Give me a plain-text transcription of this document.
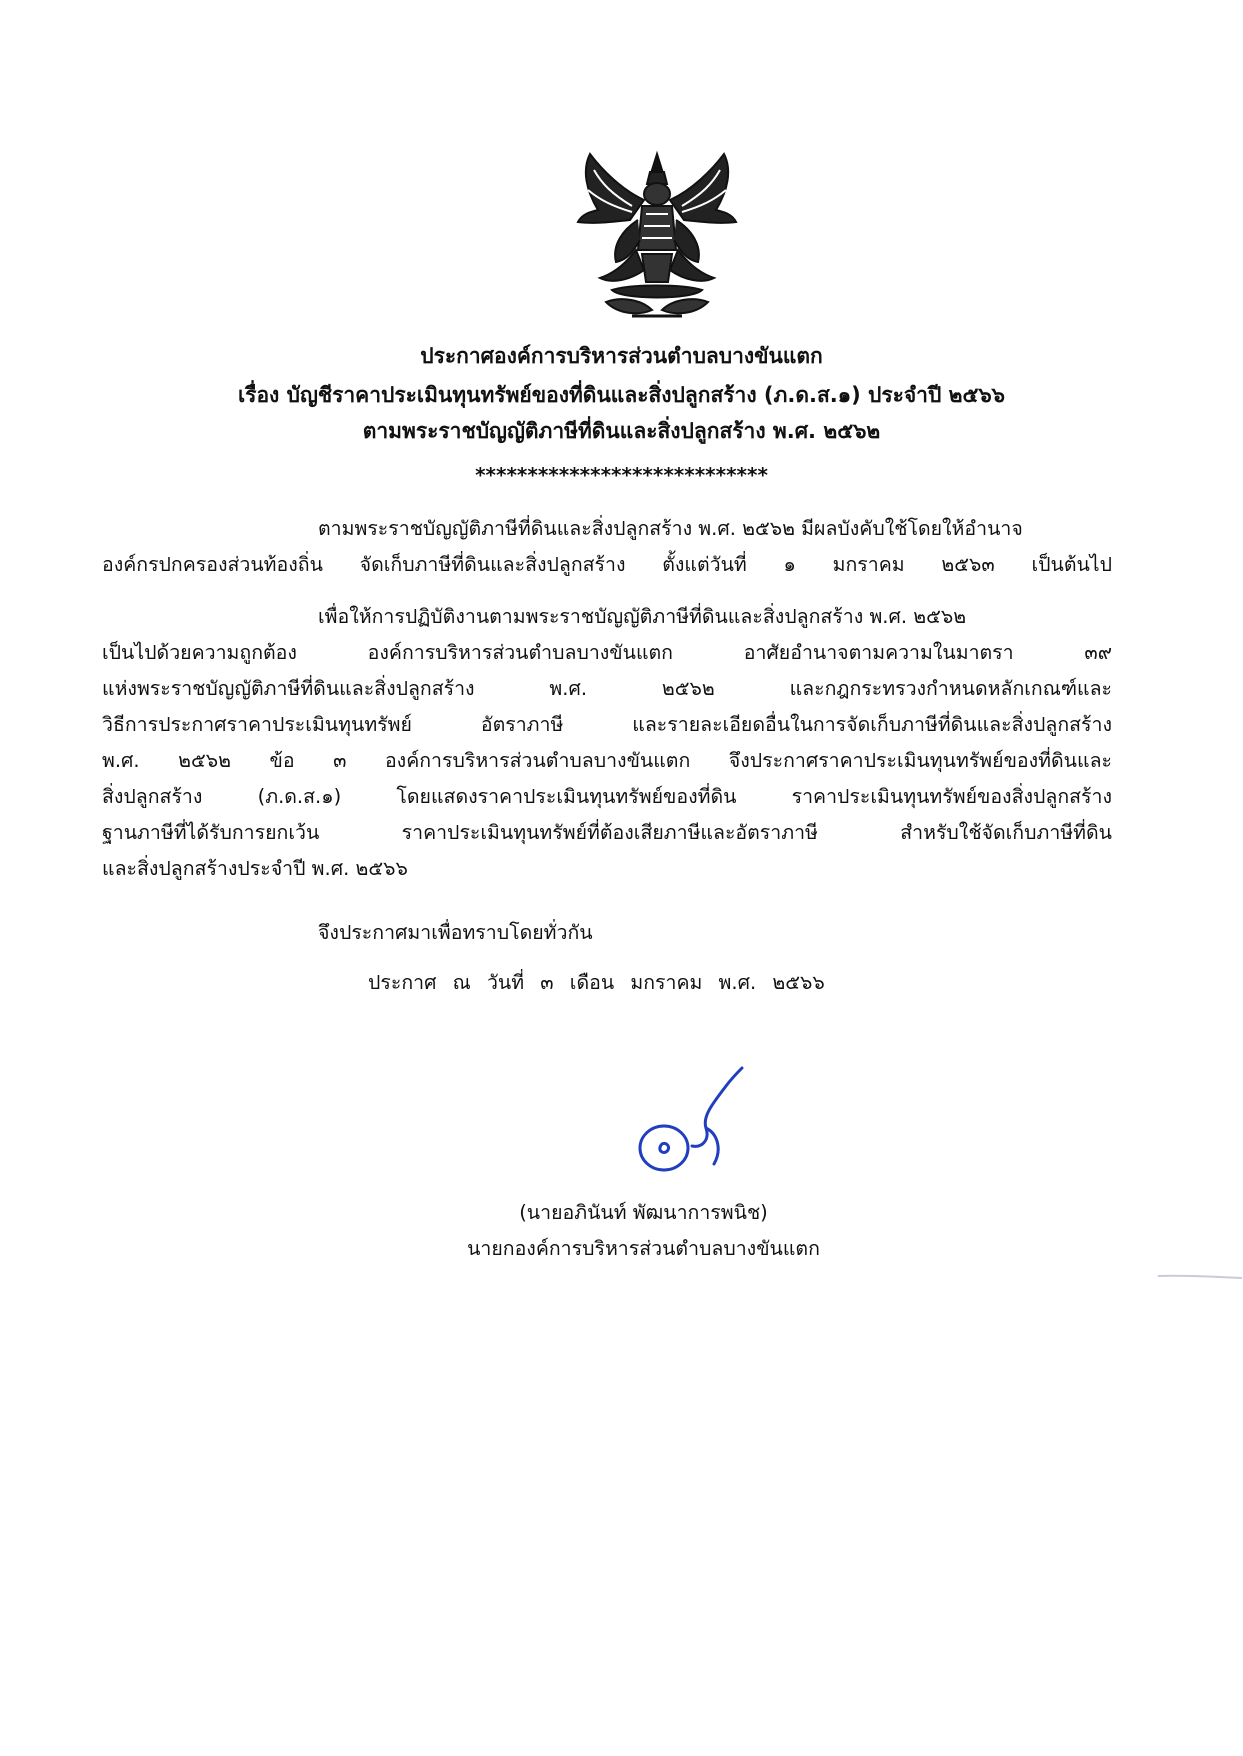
ประกาศองค์การบริหารส่วนตำบลบางขันแตก
เรื่อง บัญชีราคาประเมินทุนทรัพย์ของที่ดินและสิ่งปลูกสร้าง (ภ.ด.ส.๑) ประจำปี ๒๕๖๖
ตามพระราชบัญญัติภาษีที่ดินและสิ่งปลูกสร้าง พ.ศ. ๒๕๖๒
****************************
ตามพระราชบัญญัติภาษีที่ดินและสิ่งปลูกสร้าง พ.ศ. ๒๕๖๒ มีผลบังคับใช้โดยให้อำนาจ
องค์กรปกครองส่วนท้องถิ่น จัดเก็บภาษีที่ดินและสิ่งปลูกสร้าง ตั้งแต่วันที่ ๑ มกราคม ๒๕๖๓ เป็นต้นไป
เพื่อให้การปฏิบัติงานตามพระราชบัญญัติภาษีที่ดินและสิ่งปลูกสร้าง พ.ศ. ๒๕๖๒
เป็นไปด้วยความถูกต้อง องค์การบริหารส่วนตำบลบางขันแตก อาศัยอำนาจตามความในมาตรา ๓๙
แห่งพระราชบัญญัติภาษีที่ดินและสิ่งปลูกสร้าง พ.ศ. ๒๕๖๒ และกฎกระทรวงกำหนดหลักเกณฑ์และ
วิธีการประกาศราคาประเมินทุนทรัพย์ อัตราภาษี และรายละเอียดอื่นในการจัดเก็บภาษีที่ดินและสิ่งปลูกสร้าง
พ.ศ. ๒๕๖๒ ข้อ ๓ องค์การบริหารส่วนตำบลบางขันแตก จึงประกาศราคาประเมินทุนทรัพย์ของที่ดินและ
สิ่งปลูกสร้าง (ภ.ด.ส.๑) โดยแสดงราคาประเมินทุนทรัพย์ของที่ดิน ราคาประเมินทุนทรัพย์ของสิ่งปลูกสร้าง
ฐานภาษีที่ได้รับการยกเว้น ราคาประเมินทุนทรัพย์ที่ต้องเสียภาษีและอัตราภาษี สำหรับใช้จัดเก็บภาษีที่ดิน
และสิ่งปลูกสร้างประจำปี พ.ศ. ๒๕๖๖
จึงประกาศมาเพื่อทราบโดยทั่วกัน
ประกาศ ณ วันที่ ๓ เดือน มกราคม พ.ศ. ๒๕๖๖
(นายอภินันท์ พัฒนาการพนิช)
นายกองค์การบริหารส่วนตำบลบางขันแตก
